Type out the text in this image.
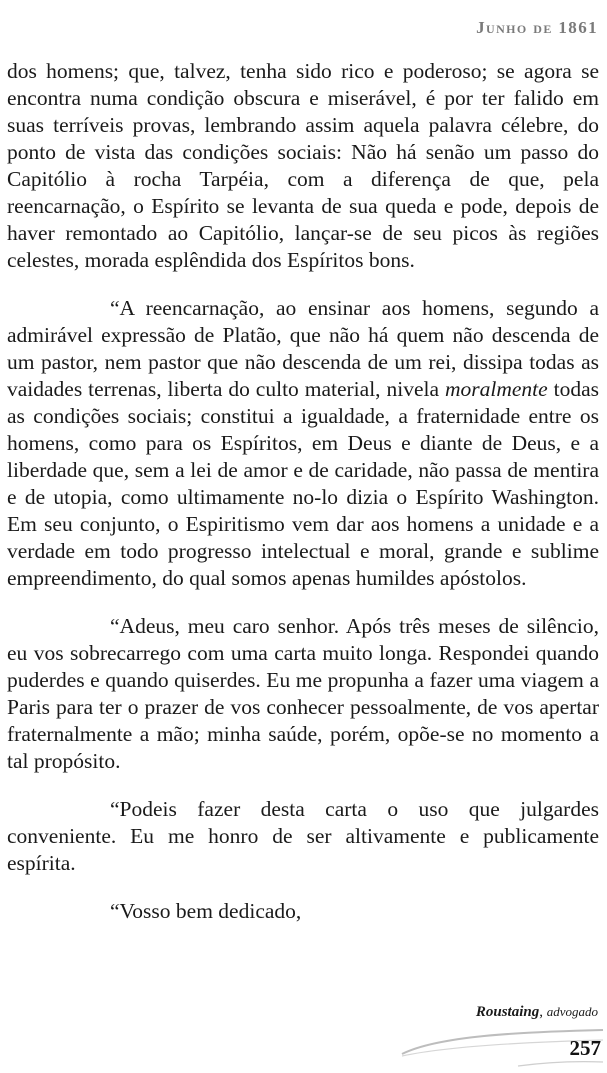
Junho de 1861

dos homens; que, talvez, tenha sido rico e poderoso; se agora se encontra numa condição obscura e miserável, é por ter falido em suas terríveis provas, lembrando assim aquela palavra célebre, do ponto de vista das condições sociais: Não há senão um passo do Capitólio à rocha Tarpéia, com a diferença de que, pela reencarnação, o Espírito se levanta de sua queda e pode, depois de haver remontado ao Capitólio, lançar-se de seu picos às regiões celestes, morada esplêndida dos Espíritos bons.

“A reencarnação, ao ensinar aos homens, segundo a admirável expressão de Platão, que não há quem não descenda de um pastor, nem pastor que não descenda de um rei, dissipa todas as vaidades terrenas, liberta do culto material, nivela moralmente todas as condições sociais; constitui a igualdade, a fraternidade entre os homens, como para os Espíritos, em Deus e diante de Deus, e a liberdade que, sem a lei de amor e de caridade, não passa de mentira e de utopia, como ultimamente no-lo dizia o Espírito Washington. Em seu conjunto, o Espiritismo vem dar aos homens a unidade e a verdade em todo progresso intelectual e moral, grande e sublime empreendimento, do qual somos apenas humildes apóstolos.

“Adeus, meu caro senhor. Após três meses de silêncio, eu vos sobrecarrego com uma carta muito longa. Respondei quando puderdes e quando quiserdes. Eu me propunha a fazer uma viagem a Paris para ter o prazer de vos conhecer pessoalmente, de vos apertar fraternalmente a mão; minha saúde, porém, opõe-se no momento a tal propósito.

“Podeis fazer desta carta o uso que julgardes conveniente. Eu me honro de ser altivamente e publicamente espírita.

“Vosso bem dedicado,

Roustaing, advogado
257
